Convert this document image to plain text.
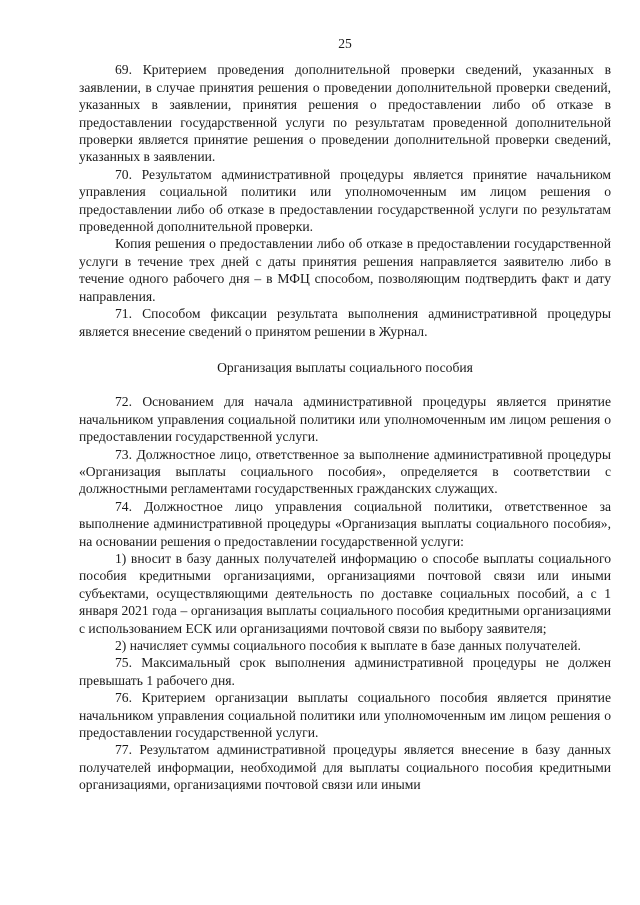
25

69. Критерием проведения дополнительной проверки сведений, указанных в заявлении, в случае принятия решения о проведении дополнительной проверки сведений, указанных в заявлении, принятия решения о предоставлении либо об отказе в предоставлении государственной услуги по результатам проведенной дополнительной проверки является принятие решения о проведении дополнительной проверки сведений, указанных в заявлении.

70. Результатом административной процедуры является принятие начальником управления социальной политики или уполномоченным им лицом решения о предоставлении либо об отказе в предоставлении государственной услуги по результатам проведенной дополнительной проверки.

Копия решения о предоставлении либо об отказе в предоставлении государственной услуги в течение трех дней с даты принятия решения направляется заявителю либо в течение одного рабочего дня – в МФЦ способом, позволяющим подтвердить факт и дату направления.

71. Способом фиксации результата выполнения административной процедуры является внесение сведений о принятом решении в Журнал.

Организация выплаты социального пособия

72. Основанием для начала административной процедуры является принятие начальником управления социальной политики или уполномоченным им лицом решения о предоставлении государственной услуги.

73. Должностное лицо, ответственное за выполнение административной процедуры «Организация выплаты социального пособия», определяется в соответствии с должностными регламентами государственных гражданских служащих.

74. Должностное лицо управления социальной политики, ответственное за выполнение административной процедуры «Организация выплаты социального пособия», на основании решения о предоставлении государственной услуги:

1) вносит в базу данных получателей информацию о способе выплаты социального пособия кредитными организациями, организациями почтовой связи или иными субъектами, осуществляющими деятельность по доставке социальных пособий, а с 1 января 2021 года – организация выплаты социального пособия кредитными организациями с использованием ЕСК или организациями почтовой связи по выбору заявителя;

2) начисляет суммы социального пособия к выплате в базе данных получателей.

75. Максимальный срок выполнения административной процедуры не должен превышать 1 рабочего дня.

76. Критерием организации выплаты социального пособия является принятие начальником управления социальной политики или уполномоченным им лицом решения о предоставлении государственной услуги.

77. Результатом административной процедуры является внесение в базу данных получателей информации, необходимой для выплаты социального пособия кредитными организациями, организациями почтовой связи или иными
